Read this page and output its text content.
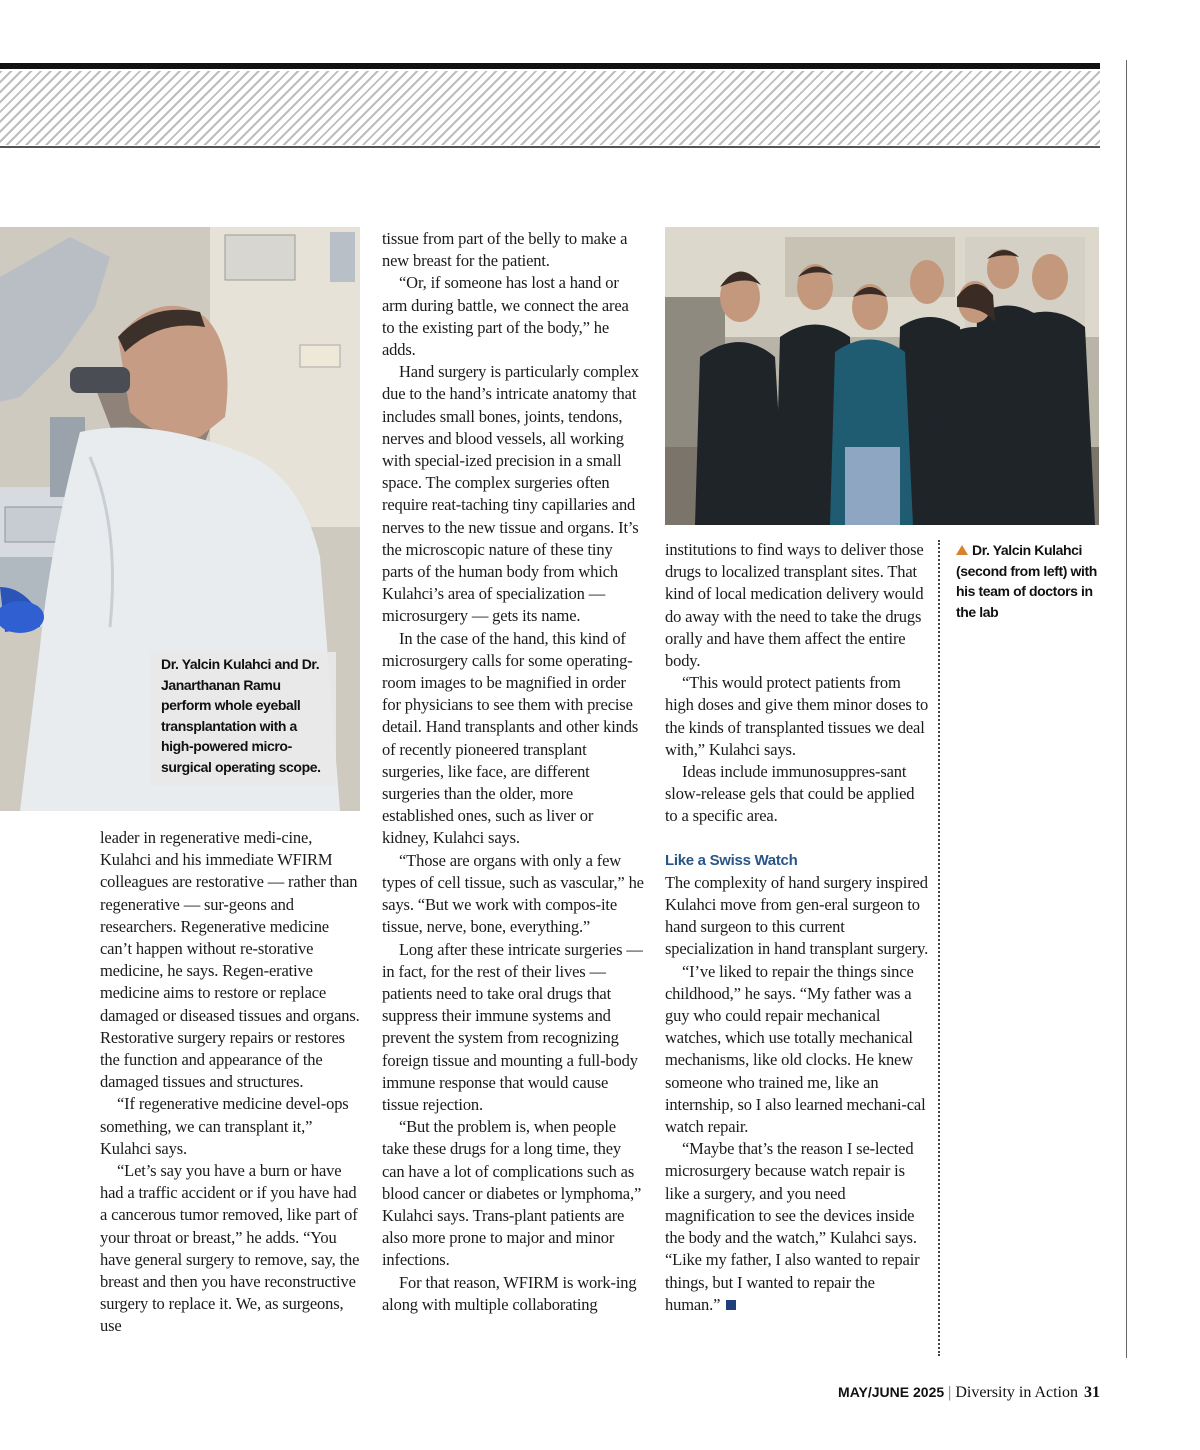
Dr. Yalcin Kulahci and Dr. Janarthanan Ramu perform whole eyeball transplantation with a high-powered micro-surgical operating scope.
Dr. Yalcin Kulahci (second from left) with his team of doctors in the lab

leader in regenerative medi-cine, Kulahci and his immediate WFIRM colleagues are restorative — rather than regenerative — sur-geons and researchers. Regenerative medicine can’t happen without re-storative medicine, he says. Regen-erative medicine aims to restore or replace damaged or diseased tissues and organs. Restorative surgery repairs or restores the function and appearance of the damaged tissues and structures.

“If regenerative medicine devel-ops something, we can transplant it,” Kulahci says.

“Let’s say you have a burn or have had a traffic accident or if you have had a cancerous tumor removed, like part of your throat or breast,” he adds. “You have general surgery to remove, say, the breast and then you have reconstructive surgery to replace it. We, as surgeons, use

tissue from part of the belly to make a new breast for the patient.

“Or, if someone has lost a hand or arm during battle, we connect the area to the existing part of the body,” he adds.

Hand surgery is particularly complex due to the hand’s intricate anatomy that includes small bones, joints, tendons, nerves and blood vessels, all working with special-ized precision in a small space. The complex surgeries often require reat-taching tiny capillaries and nerves to the new tissue and organs. It’s the microscopic nature of these tiny parts of the human body from which Kulahci’s area of specialization — microsurgery — gets its name.

In the case of the hand, this kind of microsurgery calls for some operating-room images to be magnified in order for physicians to see them with precise detail. Hand transplants and other kinds of recently pioneered transplant surgeries, like face, are different surgeries than the older, more established ones, such as liver or kidney, Kulahci says.

“Those are organs with only a few types of cell tissue, such as vascular,” he says. “But we work with compos-ite tissue, nerve, bone, everything.”

Long after these intricate surgeries — in fact, for the rest of their lives — patients need to take oral drugs that suppress their immune systems and prevent the system from recognizing foreign tissue and mounting a full-body immune response that would cause tissue rejection.

“But the problem is, when people take these drugs for a long time, they can have a lot of complications such as blood cancer or diabetes or lymphoma,” Kulahci says. Trans-plant patients are also more prone to major and minor infections.

For that reason, WFIRM is work-ing along with multiple collaborating

institutions to find ways to deliver those drugs to localized transplant sites. That kind of local medication delivery would do away with the need to take the drugs orally and have them affect the entire body.

“This would protect patients from high doses and give them minor doses to the kinds of transplanted tissues we deal with,” Kulahci says.

Ideas include immunosuppres-sant slow-release gels that could be applied to a specific area.

Like a Swiss Watch

The complexity of hand surgery inspired Kulahci move from gen-eral surgeon to hand surgeon to this current specialization in hand transplant surgery.

“I’ve liked to repair the things since childhood,” he says. “My father was a guy who could repair mechanical watches, which use totally mechanical mechanisms, like old clocks. He knew someone who trained me, like an internship, so I also learned mechani-cal watch repair.

“Maybe that’s the reason I se-lected microsurgery because watch repair is like a surgery, and you need magnification to see the devices inside the body and the watch,” Kulahci says. “Like my father, I also wanted to repair things, but I wanted to repair the human.”

MAY/JUNE 2025 | Diversity in Action 31
